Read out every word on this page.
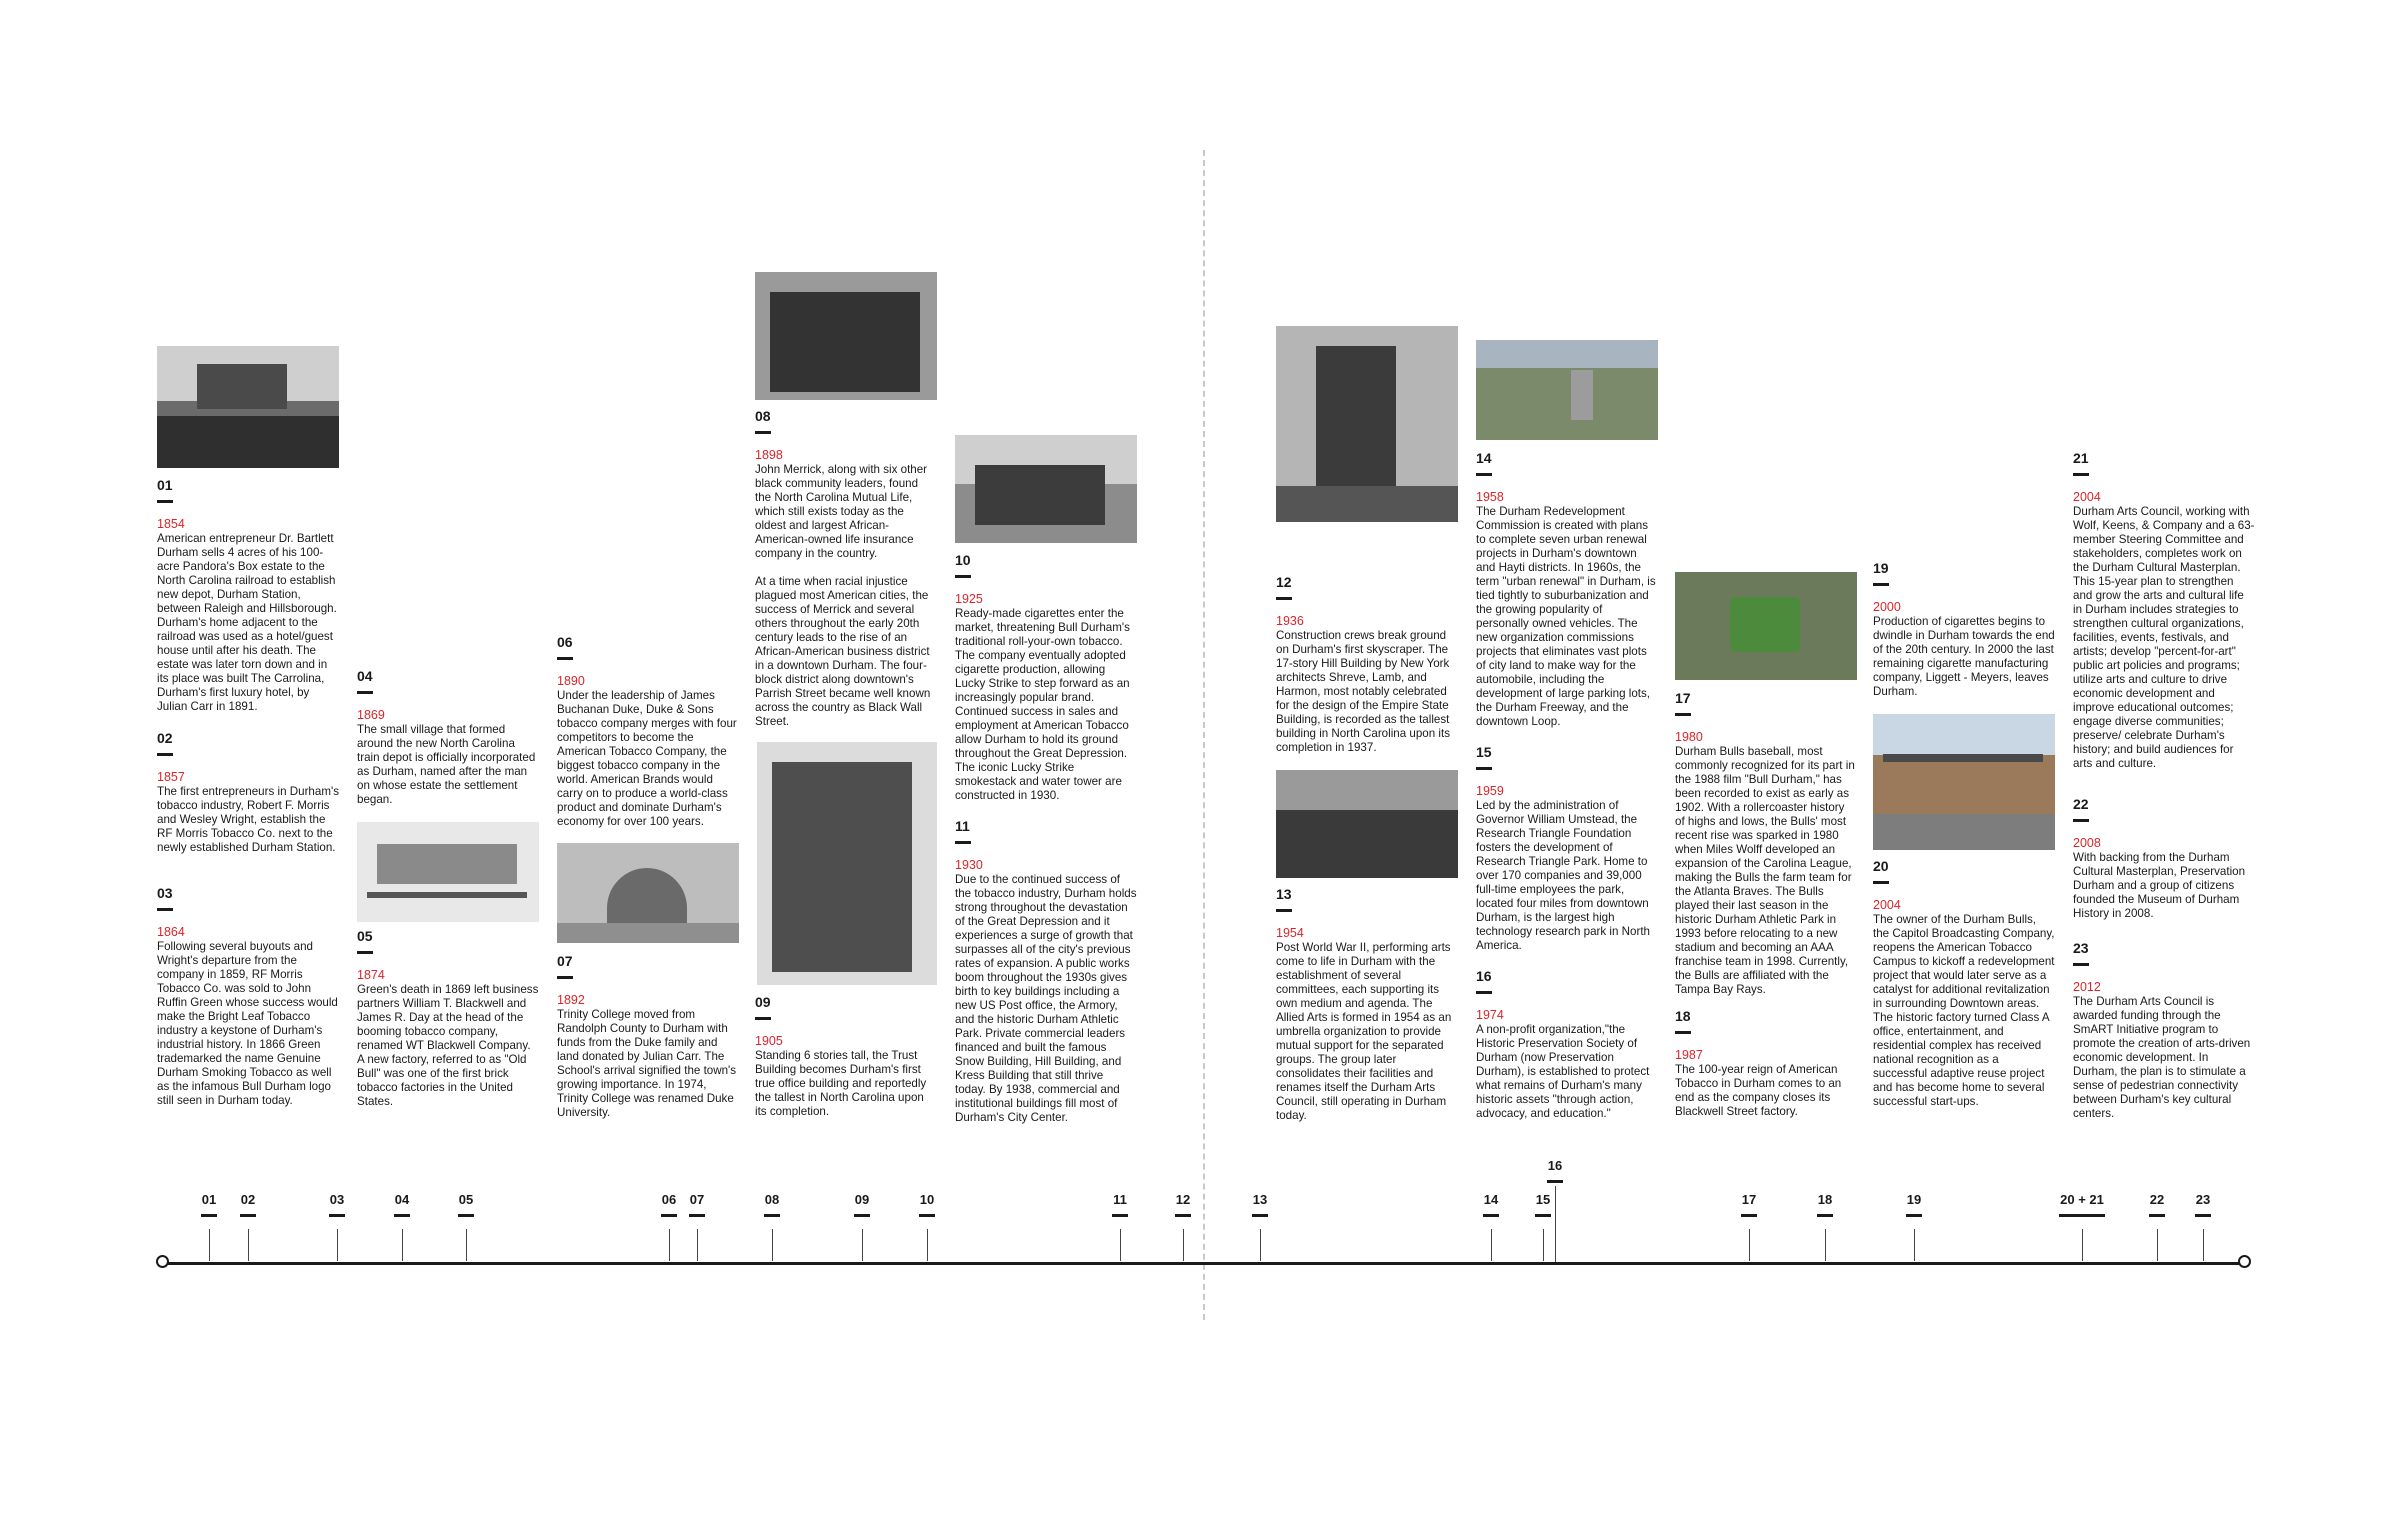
01
1854
American entrepreneur Dr. Bartlett Durham sells 4 acres of his 100-acre Pandora's Box estate to the North Carolina railroad to establish new depot, Durham Station, between Raleigh and Hillsborough. Durham's home adjacent to the railroad was used as a hotel/guest house until after his death. The estate was later torn down and in its place was built The Carrolina, Durham's first luxury hotel, by Julian Carr in 1891.
02
1857
The first entrepreneurs in Durham's tobacco industry, Robert F. Morris and Wesley Wright, establish the RF Morris Tobacco Co. next to the newly established Durham Station.
03
1864
Following several buyouts and Wright's departure from the company in 1859, RF Morris Tobacco Co. was sold to John Ruffin Green whose success would make the Bright Leaf Tobacco industry a keystone of Durham's industrial history. In 1866 Green trademarked the name Genuine Durham Smoking Tobacco as well as the infamous Bull Durham logo still seen in Durham today.
04
1869
The small village that formed around the new North Carolina train depot is officially incorporated as Durham, named after the man on whose estate the settlement began.
05
1874
Green's death in 1869 left business partners William T. Blackwell and James R. Day at the head of the booming tobacco company, renamed WT Blackwell Company. A new factory, referred to as "Old Bull" was one of the first brick tobacco factories in the United States.
06
1890
Under the leadership of James Buchanan Duke, Duke & Sons tobacco company merges with four competitors to become the American Tobacco Company, the biggest tobacco company in the world. American Brands would carry on to produce a world-class product and dominate Durham's economy for over 100 years.
07
1892
Trinity College moved from Randolph County to Durham with funds from the Duke family and land donated by Julian Carr. The School's arrival signified the town's growing importance. In 1974, Trinity College was renamed Duke University.
08
1898
John Merrick, along with six other black community leaders, found the North Carolina Mutual Life, which still exists today as the oldest and largest African-American-owned life insurance company in the country.

At a time when racial injustice plagued most American cities, the success of Merrick and several others throughout the early 20th century leads to the rise of an African-American business district in a downtown Durham. The four-block district along downtown's Parrish Street became well known across the country as Black Wall Street.
09
1905
Standing 6 stories tall, the Trust Building becomes Durham's first true office building and reportedly the tallest in North Carolina upon its completion.
10
1925
Ready-made cigarettes enter the market, threatening Bull Durham's traditional roll-your-own tobacco. The company eventually adopted cigarette production, allowing Lucky Strike to step forward as an increasingly popular brand. Continued success in sales and employment at American Tobacco allow Durham to hold its ground throughout the Great Depression. The iconic Lucky Strike smokestack and water tower are constructed in 1930.
11
1930
Due to the continued success of the tobacco industry, Durham holds strong throughout the devastation of the Great Depression and it experiences a surge of growth that surpasses all of the city's previous rates of expansion. A public works boom throughout the 1930s gives birth to key buildings including a new US Post office, the Armory, and the historic Durham Athletic Park. Private commercial leaders financed and built the famous Snow Building, Hill Building, and Kress Building that still thrive today. By 1938, commercial and institutional buildings fill most of Durham's City Center.
12
1936
Construction crews break ground on Durham's first skyscraper. The 17-story Hill Building by New York architects Shreve, Lamb, and Harmon, most notably celebrated for the design of the Empire State Building, is recorded as the tallest building in North Carolina upon its completion in 1937.
13
1954
Post World War II, performing arts come to life in Durham with the establishment of several committees, each supporting its own medium and agenda. The Allied Arts is formed in 1954 as an umbrella organization to provide mutual support for the separated groups. The group later consolidates their facilities and renames itself the Durham Arts Council, still operating in Durham today.
14
1958
The Durham Redevelopment Commission is created with plans to complete seven urban renewal projects in Durham's downtown and Hayti districts. In 1960s, the term "urban renewal" in Durham, is tied tightly to suburbanization and the growing popularity of personally owned vehicles. The new organization commissions projects that eliminates vast plots of city land to make way for the automobile, including the development of large parking lots, the Durham Freeway, and the downtown Loop.
15
1959
Led by the administration of Governor William Umstead, the Research Triangle Foundation fosters the development of Research Triangle Park. Home to over 170 companies and 39,000 full-time employees the park, located four miles from downtown Durham, is the largest high technology research park in North America.
16
1974
A non-profit organization,"the Historic Preservation Society of Durham (now Preservation Durham), is established to protect what remains of Durham's many historic assets "through action, advocacy, and education."
17
1980
Durham Bulls baseball, most commonly recognized for its part in the 1988 film "Bull Durham," has been recorded to exist as early as 1902. With a rollercoaster history of highs and lows, the Bulls' most recent rise was sparked in 1980 when Miles Wolff developed an expansion of the Carolina League, making the Bulls the farm team for the Atlanta Braves. The Bulls played their last season in the historic Durham Athletic Park in 1993 before relocating to a new stadium and becoming an AAA franchise team in 1998. Currently, the Bulls are affiliated with the Tampa Bay Rays.
18
1987
The 100-year reign of American Tobacco in Durham comes to an end as the company closes its Blackwell Street factory.
19
2000
Production of cigarettes begins to dwindle in Durham towards the end of the 20th century. In 2000 the last remaining cigarette manufacturing company, Liggett - Meyers, leaves Durham.
20
2004
The owner of the Durham Bulls, the Capitol Broadcasting Company, reopens the American Tobacco Campus to kickoff a redevelopment project that would later serve as a catalyst for additional revitalization in surrounding Downtown areas. The historic factory turned Class A office, entertainment, and residential complex has received national recognition as a successful adaptive reuse project and has become home to several successful start-ups.
21
2004
Durham Arts Council, working with Wolf, Keens, & Company and a 63-member Steering Committee and stakeholders, completes work on the Durham Cultural Masterplan. This 15-year plan to strengthen and grow the arts and cultural life in Durham includes strategies to strengthen cultural organizations, facilities, events, festivals, and artists; develop "percent-for-art" public art policies and programs; utilize arts and culture to drive economic development and improve educational outcomes; engage diverse communities; preserve/ celebrate Durham's history; and build audiences for arts and culture.
22
2008
With backing from the Durham Cultural Masterplan, Preservation Durham and a group of citizens founded the Museum of Durham History in 2008.
23
2012
The Durham Arts Council is awarded funding through the SmART Initiative program to promote the creation of arts-driven economic development. In Durham, the plan is to stimulate a sense of pedestrian connectivity between Durham's key cultural centers.
01 02	03	04	05	06 07	08	09	10	11	12	13	14	15
16
17	18	19	20 + 21	22 23
